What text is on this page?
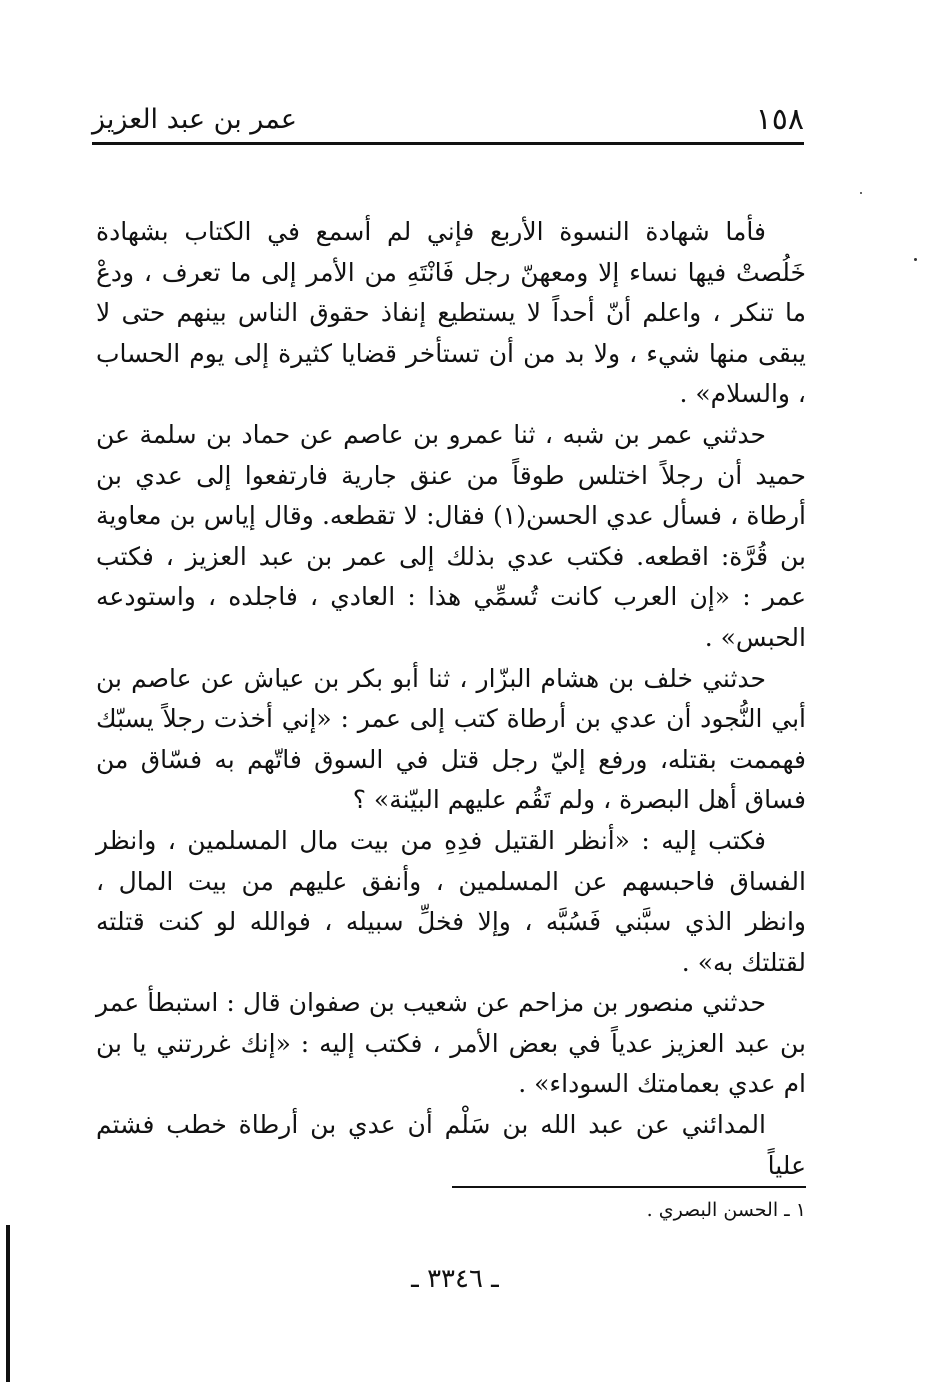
١٥٨
عمر بن عبد العزيز

فأما شهادة النسوة الأربع فإني لم أسمع في الكتاب بشهادة خَلُصتْ فيها نساء إلا ومعهنّ رجل فَانْتَهِ من الأمر إلى ما تعرف ، ودعْ ما تنكر ، واعلم أنّ أحداً لا يستطيع إنفاذ حقوق الناس بينهم حتى لا يبقى منها شيء ، ولا بد من أن تستأخر قضايا كثيرة إلى يوم الحساب ، والسلام» .

حدثني عمر بن شبه ، ثنا عمرو بن عاصم عن حماد بن سلمة عن حميد أن رجلاً اختلس طوقاً من عنق جارية فارتفعوا إلى عدي بن أرطاة ، فسأل عدي الحسن(١) فقال: لا تقطعه. وقال إياس بن معاوية بن قُرَّة: اقطعه. فكتب عدي بذلك إلى عمر بن عبد العزيز ، فكتب عمر : «إن العرب كانت تُسمِّي هذا : العادي ، فاجلده ، واستودعه الحبس» .

حدثني خلف بن هشام البزّار ، ثنا أبو بكر بن عياش عن عاصم بن أبي النُّجود أن عدي بن أرطاة كتب إلى عمر : «إني أخذت رجلاً يسبّك فهممت بقتله، ورفع إليّ رجل قتل في السوق فاتّهم به فسّاق من فساق أهل البصرة ، ولم تَقُم عليهم البيّنة» ؟

فكتب إليه : «أنظر القتيل فدِهِ من بيت مال المسلمين ، وانظر الفساق فاحبسهم عن المسلمين ، وأنفق عليهم من بيت المال ، وانظر الذي سبَّني فَسُبَّه ، وإلا فخلِّ سبيله ، فوالله لو كنت قتلته لقتلتك به» .

حدثني منصور بن مزاحم عن شعيب بن صفوان قال : استبطأ عمر بن عبد العزيز عدياً في بعض الأمر ، فكتب إليه : «إنك غررتني يا بن ام عدي بعمامتك السوداء» .

المدائني عن عبد الله بن سَلْم أن عدي بن أرطاة خطب فشتم علياً

١ ـ الحسن البصري .
ـ ٣٣٤٦ ـ
